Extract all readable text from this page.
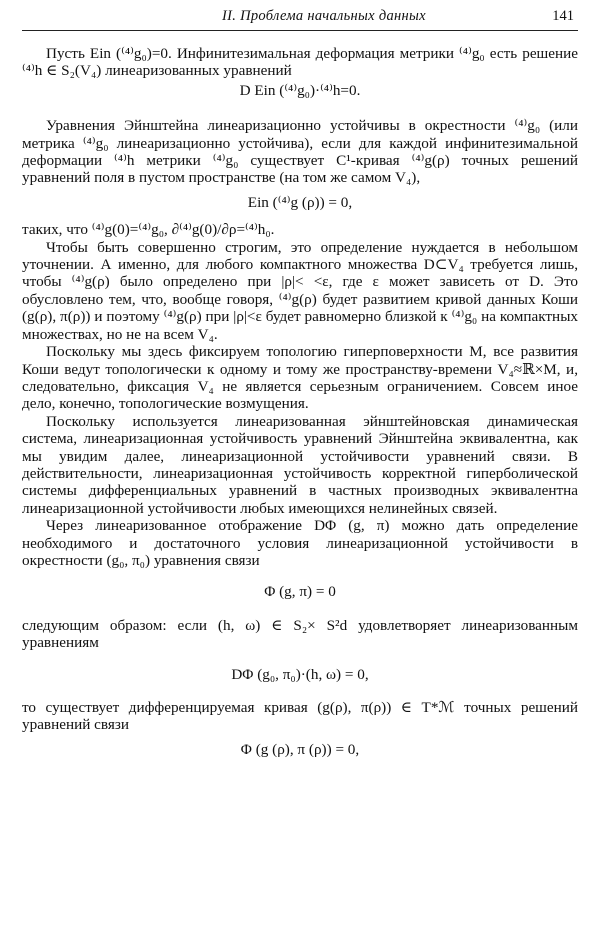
II. Проблема начальных данных	141

Пусть Ein (⁽⁴⁾g₀)=0. Инфинитезимальная деформация метрики ⁽⁴⁾g₀ есть решение ⁽⁴⁾h ∈ S₂(V₄) линеаризованных уравнений

D Ein (⁽⁴⁾g₀)·⁽⁴⁾h=0.

Уравнения Эйнштейна линеаризационно устойчивы в окрестности ⁽⁴⁾g₀ (или метрика ⁽⁴⁾g₀ линеаризационно устойчива), если для каждой инфинитезимальной деформации ⁽⁴⁾h метрики ⁽⁴⁾g₀ существует C¹-кривая ⁽⁴⁾g(ρ) точных решений уравнений поля в пустом пространстве (на том же самом V₄),

Ein (⁽⁴⁾g (ρ)) = 0,

таких, что ⁽⁴⁾g(0)=⁽⁴⁾g₀, ∂⁽⁴⁾g(0)/∂ρ=⁽⁴⁾h₀.

Чтобы быть совершенно строгим, это определение нуждается в небольшом уточнении. А именно, для любого компактного множества D⊂V₄ требуется лишь, чтобы ⁽⁴⁾g(ρ) было определено при |ρ|< <ε, где ε может зависеть от D. Это обусловлено тем, что, вообще говоря, ⁽⁴⁾g(ρ) будет развитием кривой данных Коши (g(ρ), π(ρ)) и поэтому ⁽⁴⁾g(ρ) при |ρ|<ε будет равномерно близкой к ⁽⁴⁾g₀ на компактных множествах, но не на всем V₄.

Поскольку мы здесь фиксируем топологию гиперповерхности M, все развития Коши ведут топологически к одному и тому же пространству-времени V₄≈ℝ×M, и, следовательно, фиксация V₄ не является серьезным ограничением. Совсем иное дело, конечно, топологические возмущения.

Поскольку используется линеаризованная эйнштейновская динамическая система, линеаризационная устойчивость уравнений Эйнштейна эквивалентна, как мы увидим далее, линеаризационной устойчивости уравнений связи. В действительности, линеаризационная устойчивость корректной гиперболической системы дифференциальных уравнений в частных производных эквивалентна линеаризационной устойчивости любых имеющихся нелинейных связей.

Через линеаризованное отображение DΦ (g, π) можно дать определение необходимого и достаточного условия линеаризационной устойчивости в окрестности (g₀, π₀) уравнения связи

Φ (g, π) = 0

следующим образом: если (h, ω) ∈ S₂× S²d удовлетворяет линеаризованным уравнениям

DΦ (g₀, π₀)·(h, ω) = 0,

то существует дифференцируемая кривая (g(ρ), π(ρ)) ∈ T*ℳ точных решений уравнений связи

Φ (g (ρ), π (ρ)) = 0,
